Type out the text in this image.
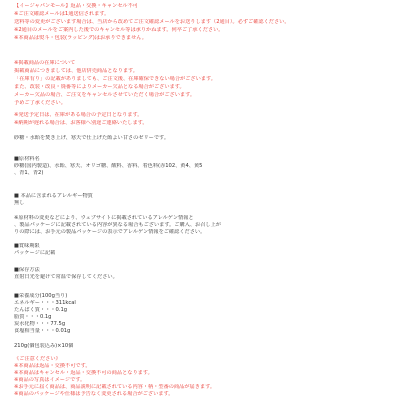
【イージャパンモール】返品・交換・キャンセル不可
※ご注文確認メールは1通送信されます。
送料等の変更がございます場合は、当店から改めてご注文確認メールをお送りします（2通目）。必ずご確認ください。
※2通目のメールをご案内した後でのキャンセル等は承りかねます。何卒ご了承ください。
※本商品は熨斗・包装(ラッピング)はお承りできません。
※掲載商品の在庫について
掲載商品につきましては、他店併売商品となります。
「在庫有り」の記載がありましても、ご注文後、在庫確保できない場合がございます。
また、改装・改良・廃番等によりメーカー欠品となる場合がございます。
メーカー欠品の場合、ご注文をキャンセルさせていただく場合がございます。
予めご了承ください。
※発送予定日は、在庫がある場合の予定日となります。
※納期が遅れる場合は、お客様へ別途ご連絡いたします。
砂糖・水飴を焚き上げ、寒天で仕上げた飴よい甘さのゼリーです。
■原材料名
砂糖(国内製造)、水飴、寒天、オリゴ糖、酸料、香料、着色料(赤102、黄4、黄5
、青1、青2)
■ 本品に含まれるアレルギー物質
無し
※原材料の変更などにより、ウェブサイトに掲載されているアレルゲン情報と
、製品パッケージに記載されている内容が異なる場合もございます。ご購入、お召し上が
りの際には、お手元の製品パッケージの表示でアレルゲン情報をご確認ください。
■賞味期限
パッケージに記載
■保存方法
直射日光を避けて常温で保存してください。
■栄養成分(100g当り)
エネルギー・・・311kcal
たんぱく質・・・0.1g
脂質・・・0.1g
炭水化物・・・77.5g
食塩相当量・・・0.01g
210g(個包装込み)×10個
《ご注意ください》
※本商品は返品・交換不可です。
※本商品はキャンセル・返品・交換不可の商品となります。
※商品の写真はイメージです。
※お手元に届く商品は、商品説明に記載されている内容・柄・型番の商品が届きます。
※商品のパッケージや仕様は予告なく変更される場合がございます。
